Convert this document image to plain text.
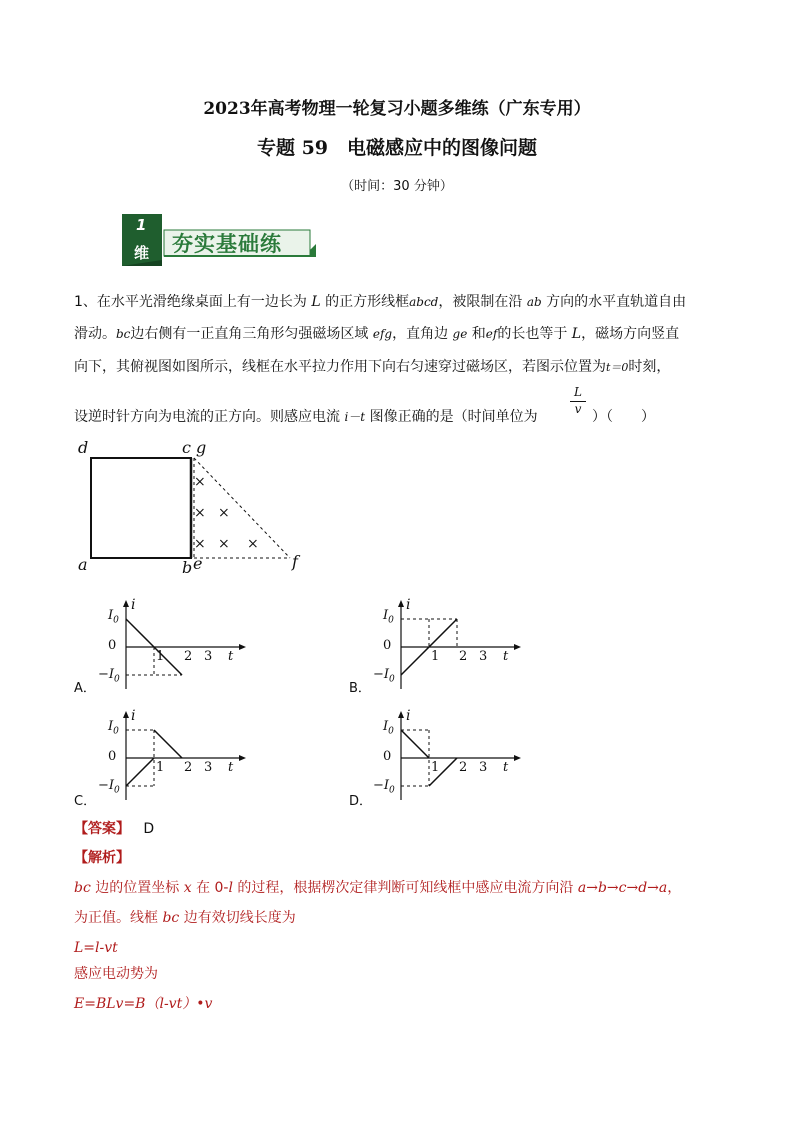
2023年高考物理一轮复习小题多维练（广东专用）
专题 59　电磁感应中的图像问题
（时间：30 分钟）
1
维 夯实基础练
1、在水平光滑绝缘桌面上有一边长为 L 的正方形线框abcd，被限制在沿 ab 方向的水平直轨道自由
滑动。bc边右侧有一正直角三角形匀强磁场区域 efg，直角边 ge 和ef的长也等于 L，磁场方向竖直
向下，其俯视图如图所示，线框在水平拉力作用下向右匀速穿过磁场区，若图示位置为t＝0时刻，
设逆时针方向为电流的正方向。则感应电流 i－t 图像正确的是（时间单位为
L
v ）（　　）
d	c g
a	b e	f
×
× ×
× × ×
i
$I_0$
0
$-I_0$
1 2 3 t
A．
i
$I_0$
0
$-I_0$
1 2 3 t
B．
i
$I_0$
0
$-I_0$
1 2 3 t
C．
i
$I_0$
0
$-I_0$
1 2 3 t
D．
【答案】 D
【解析】
bc 边的位置坐标 x 在 0-l 的过程，根据楞次定律判断可知线框中感应电流方向沿 a→b→c→d→a，
为正值。线框 bc 边有效切线长度为
L=l-vt
感应电动势为
E=BLv=B（l-vt）•v
